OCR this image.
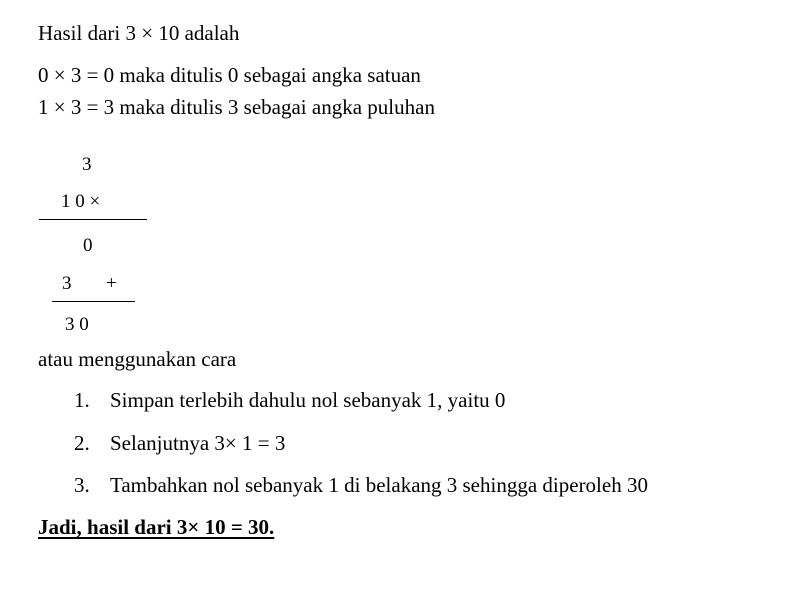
Hasil dari 3 × 10 adalah
0 × 3 = 0 maka ditulis 0 sebagai angka satuan
1 × 3 = 3 maka ditulis 3 sebagai angka puluhan
3
1 0 ×
0
3 +
3 0
atau menggunakan cara
1. Simpan terlebih dahulu nol sebanyak 1, yaitu 0
2. Selanjutnya 3× 1 = 3
3. Tambahkan nol sebanyak 1 di belakang 3 sehingga diperoleh 30
Jadi, hasil dari 3× 10 = 30.
